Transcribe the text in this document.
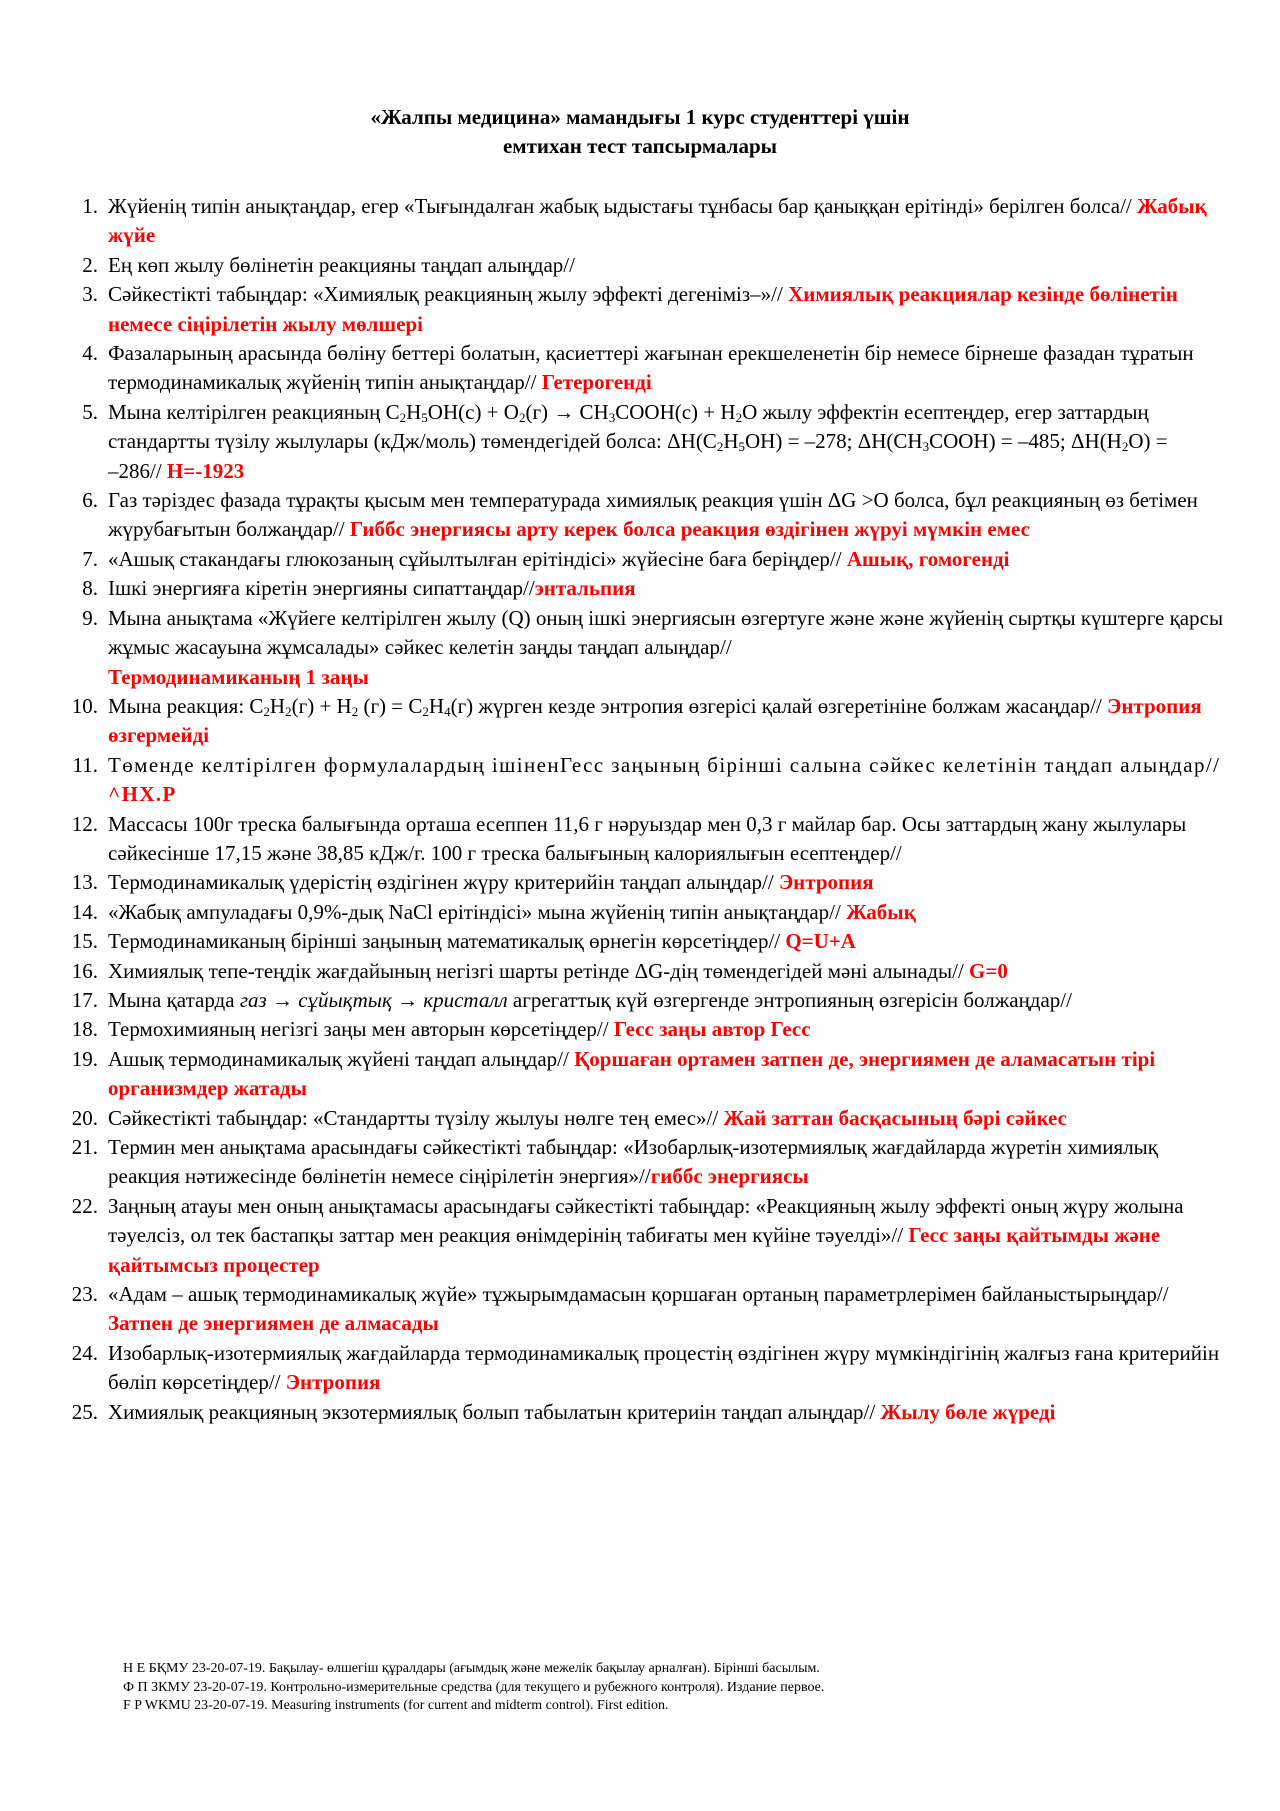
«Жалпы медицина» мамандығы 1 курс студенттері үшін
емтихан тест тапсырмалары
1. Жүйенің типін анықтаңдар, егер «Тығындалған жабық ыдыстағы тұнбасы бар қаныққан ерітінді» берілген болса// Жабық жүйе
2. Ең көп жылу бөлінетін реакцияны таңдап алыңдар//
3. Сәйкестікті табыңдар: «Химиялық реакцияның жылу эффекті дегеніміз–»// Химиялық реакциялар кезінде бөлінетін немесе сіңірілетін жылу мөлшері
4. Фазаларының арасында бөліну беттері болатын, қасиеттері жағынан ерекшеленетін бір немесе бірнеше фазадан тұратын термодинамикалық жүйенің типін анықтаңдар// Гетерогенді
5. Мына келтірілген реакцияның $C_2H_5OH(c) + O_2(г)$ → $CH_3COOH(c) + H_2O$ жылу эффектін есептеңдер, егер заттардың стандартты түзілу жылулары (кДж/моль) төмендегідей болса: $\Delta H(C_2H_5OH) = -278$; $\Delta H(CH_3COOH) = -485$; $\Delta H(H_2O)$ =
–286// H=-1923
6. Газ тәріздес фазада тұрақты қысым мен температурада химиялық реакция үшін ΔG >O болса, бұл реакцияның өз бетімен жүрубағытын болжаңдар// Гиббс энергиясы арту керек болса реакция өздігінен жүруі мүмкін емес
7. «Ашық стакандағы глюкозаның сұйылтылған ерітіндісі» жүйесіне баға беріңдер// Ашық, гомогенді
8. Ішкі энергияға кіретін энергияны сипаттаңдар//энтальпия
9. Мына анықтама «Жүйеге келтірілген жылу (Q) оның ішкі энергиясын өзгертуге және және жүйенің сыртқы күштерге қарсы жұмыс жасауына жұмсалады» сәйкес келетін заңды таңдап алыңдар//
Термодинамиканың 1 заңы
10. Мына реакция: $C_2H_2(г) + H_2$ $(г) = C_2H_4(г)$ жүрген кезде энтропия өзгерісі қалай өзгеретініне болжам жасаңдар// Энтропия өзгермейді
11. Төменде келтірілген формулалардың ішіненГесс заңының бірінші салына сәйкес келетінін таңдап алыңдар// ^HX.P
12. Массасы 100г треска балығында орташа есеппен 11,6 г нәруыздар мен 0,3 г майлар бар. Осы заттардың жану жылулары сәйкесінше 17,15 және 38,85 кДж/г. 100 г треска балығының калориялығын есептеңдер//
13. Термодинамикалық үдерістің өздігінен жүру критерийін таңдап алыңдар// Энтропия
14. «Жабық ампуладағы 0,9%-дық NaCl ерітіндісі» мына жүйенің типін анықтаңдар// Жабық
15. Термодинамиканың бірінші заңының математикалық өрнегін көрсетіңдер// Q=U+A
16. Химиялық тепе-теңдік жағдайының негізгі шарты ретінде ΔG-дің төмендегідей мәні алынады// G=0
17. Мына қатарда газ → сұйықтық → кристалл агрегаттық күй өзгергенде энтропияның өзгерісін болжаңдар//
18. Термохимияның негізгі заңы мен авторын көрсетіңдер// Гесс заңы автор Гесс
19. Ашық термодинамикалық жүйені таңдап алыңдар// Қоршаған ортамен затпен де, энергиямен де аламасатын тірі организмдер жатады
20. Сәйкестікті табыңдар: «Стандартты түзілу жылуы нөлге тең емес»// Жай заттан басқасының бәрі сәйкес
21. Термин мен анықтама арасындағы сәйкестікті табыңдар: «Изобарлық-изотермиялық жағдайларда жүретін химиялық реакция нәтижесінде бөлінетін немесе сіңірілетін энергия»//гиббс энергиясы
22. Заңның атауы мен оның анықтамасы арасындағы сәйкестікті табыңдар: «Реакцияның жылу эффекті оның жүру жолына тәуелсіз, ол тек бастапқы заттар мен реакция өнімдерінің табиғаты мен күйіне тәуелді»// Гесс заңы қайтымды және қайтымсыз процестер
23. «Адам – ашық термодинамикалық жүйе» тұжырымдамасын қоршаған ортаның параметрлерімен байланыстырыңдар// Затпен де энергиямен де алмасады
24. Изобарлық-изотермиялық жағдайларда термодинамикалық процестің өздігінен жүру мүмкіндігінің жалғыз ғана критерийін бөліп көрсетіңдер// Энтропия
25. Химиялық реакцияның экзотермиялық болып табылатын критериін таңдап алыңдар// Жылу бөле жүреді
Н Е БҚМУ 23-20-07-19. Бақылау- өлшегіш құралдары (ағымдық және межелік бақылау арналған). Бірінші басылым.
Ф П ЗКМУ 23-20-07-19. Контрольно-измерительные средства (для текущего и рубежного контроля). Издание первое.
F P WKMU 23-20-07-19. Measuring instruments (for current and midterm control). First edition.
